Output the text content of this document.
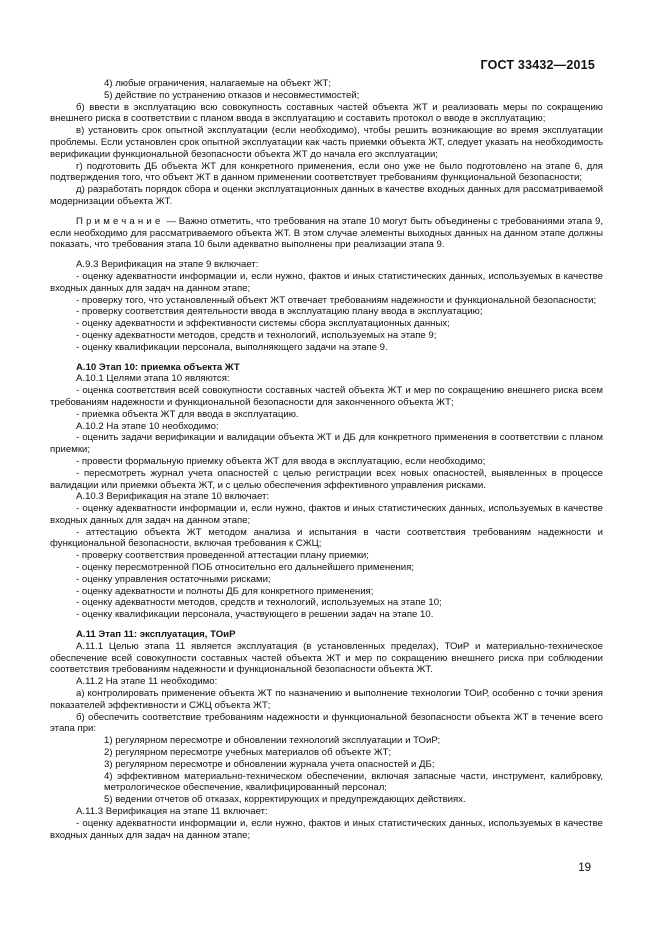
ГОСТ 33432—2015

4) любые ограничения, налагаемые на объект ЖТ;

5) действие по устранению отказов и несовместимостей;

б) ввести в эксплуатацию всю совокупность составных частей объекта ЖТ и реализовать меры по сокращению внешнего риска в соответствии с планом ввода в эксплуатацию и составить протокол о вводе в эксплуатацию;

в) установить срок опытной эксплуатации (если необходимо), чтобы решить возникающие во время эксплуатации проблемы. Если установлен срок опытной эксплуатации как часть приемки объекта ЖТ, следует указать на необходимость верификации функциональной безопасности объекта ЖТ до начала его эксплуатации;

г) подготовить ДБ объекта ЖТ для конкретного применения, если оно уже не было подготовлено на этапе 6, для подтверждения того, что объект ЖТ в данном применении соответствует требованиям функциональной безопасности;

д) разработать порядок сбора и оценки эксплуатационных данных в качестве входных данных для рассматриваемой модернизации объекта ЖТ.

Примечание — Важно отметить, что требования на этапе 10 могут быть объединены с требованиями этапа 9, если необходимо для рассматриваемого объекта ЖТ. В этом случае элементы выходных данных на данном этапе должны показать, что требования этапа 10 были адекватно выполнены при реализации этапа 9.

А.9.3 Верификация на этапе 9 включает:

- оценку адекватности информации и, если нужно, фактов и иных статистических данных, используемых в качестве входных данных для задач на данном этапе;

- проверку того, что установленный объект ЖТ отвечает требованиям надежности и функциональной безопасности;

- проверку соответствия деятельности ввода в эксплуатацию плану ввода в эксплуатацию;

- оценку адекватности и эффективности системы сбора эксплуатационных данных;

- оценку адекватности методов, средств и технологий, используемых на этапе 9;

- оценку квалификации персонала, выполняющего задачи на этапе 9.

А.10 Этап 10: приемка объекта ЖТ

А.10.1 Целями этапа 10 являются:

- оценка соответствия всей совокупности составных частей объекта ЖТ и мер по сокращению внешнего риска всем требованиям надежности и функциональной безопасности для законченного объекта ЖТ;

- приемка объекта ЖТ для ввода в эксплуатацию.

А.10.2 На этапе 10 необходимо:

- оценить задачи верификации и валидации объекта ЖТ и ДБ для конкретного применения в соответствии с планом приемки;

- провести формальную приемку объекта ЖТ для ввода в эксплуатацию, если необходимо;

- пересмотреть журнал учета опасностей с целью регистрации всех новых опасностей, выявленных в процессе валидации или приемки объекта ЖТ, и с целью обеспечения эффективного управления рисками.

А.10.3 Верификация на этапе 10 включает:

- оценку адекватности информации и, если нужно, фактов и иных статистических данных, используемых в качестве входных данных для задач на данном этапе;

- аттестацию объекта ЖТ методом анализа и испытания в части соответствия требованиям надежности и функциональной безопасности, включая требования к СЖЦ;

- проверку соответствия проведенной аттестации плану приемки;

- оценку пересмотренной ПОБ относительно его дальнейшего применения;

- оценку управления остаточными рисками;

- оценку адекватности и полноты ДБ для конкретного применения;

- оценку адекватности методов, средств и технологий, используемых на этапе 10;

- оценку квалификации персонала, участвующего в решении задач на этапе 10.

А.11 Этап 11: эксплуатация, ТОиР

А.11.1 Целью этапа 11 является эксплуатация (в установленных пределах), ТОиР и материально-техническое обеспечение всей совокупности составных частей объекта ЖТ и мер по сокращению внешнего риска при соблюдении соответствия требованиям надежности и функциональной безопасности объекта ЖТ.

А.11.2 На этапе 11 необходимо:

а) контролировать применение объекта ЖТ по назначению и выполнение технологии ТОиР, особенно с точки зрения показателей эффективности и СЖЦ объекта ЖТ;

б) обеспечить соответствие требованиям надежности и функциональной безопасности объекта ЖТ в течение всего этапа при:

1) регулярном пересмотре и обновлении технологий эксплуатации и ТОиР;

2) регулярном пересмотре учебных материалов об объекте ЖТ;

3) регулярном пересмотре и обновлении журнала учета опасностей и ДБ;

4) эффективном материально-техническом обеспечении, включая запасные части, инструмент, калибровку, метрологическое обеспечение, квалифицированный персонал;

5) ведении отчетов об отказах, корректирующих и предупреждающих действиях.

А.11.3 Верификация на этапе 11 включает:

- оценку адекватности информации и, если нужно, фактов и иных статистических данных, используемых в качестве входных данных для задач на данном этапе;

19
